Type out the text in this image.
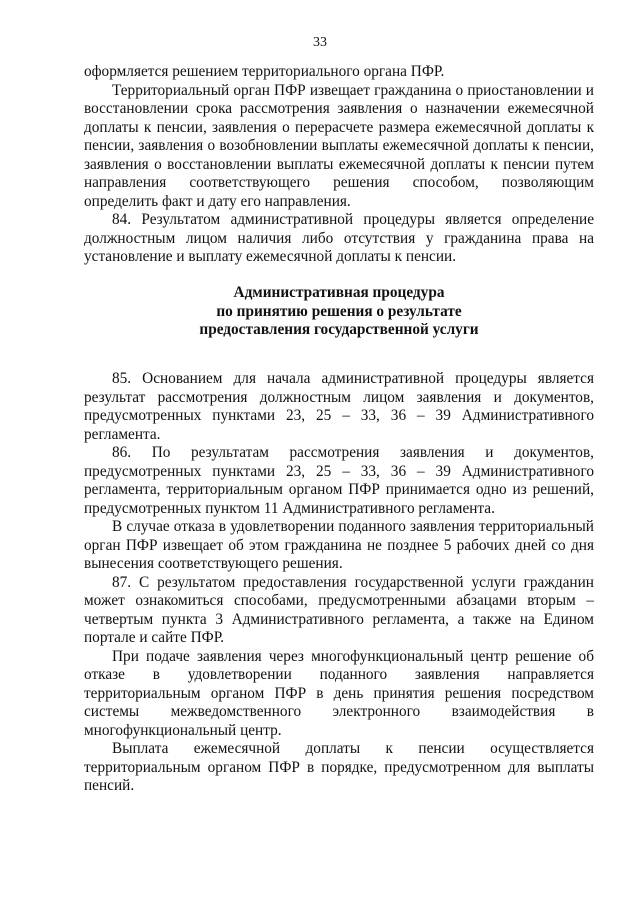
33

оформляется решением территориального органа ПФР.

Территориальный орган ПФР извещает гражданина о приостановлении и восстановлении срока рассмотрения заявления о назначении ежемесячной доплаты к пенсии, заявления о перерасчете размера ежемесячной доплаты к пенсии, заявления о возобновлении выплаты ежемесячной доплаты к пенсии, заявления о восстановлении выплаты ежемесячной доплаты к пенсии путем направления соответствующего решения способом, позволяющим определить факт и дату его направления.

84. Результатом административной процедуры является определение должностным лицом наличия либо отсутствия у гражданина права на установление и выплату ежемесячной доплаты к пенсии.

Административная процедура
по принятию решения о результате
предоставления государственной услуги

85. Основанием для начала административной процедуры является результат рассмотрения должностным лицом заявления и документов, предусмотренных пунктами 23, 25 – 33, 36 – 39 Административного регламента.

86. По результатам рассмотрения заявления и документов, предусмотренных пунктами 23, 25 – 33, 36 – 39 Административного регламента, территориальным органом ПФР принимается одно из решений, предусмотренных пунктом 11 Административного регламента.

В случае отказа в удовлетворении поданного заявления территориальный орган ПФР извещает об этом гражданина не позднее 5 рабочих дней со дня вынесения соответствующего решения.

87. С результатом предоставления государственной услуги гражданин может ознакомиться способами, предусмотренными абзацами вторым – четвертым пункта 3 Административного регламента, а также на Едином портале и сайте ПФР.

При подаче заявления через многофункциональный центр решение об отказе в удовлетворении поданного заявления направляется территориальным органом ПФР в день принятия решения посредством системы межведомственного электронного взаимодействия в многофункциональный центр.

Выплата ежемесячной доплаты к пенсии осуществляется территориальным органом ПФР в порядке, предусмотренном для выплаты пенсий.
